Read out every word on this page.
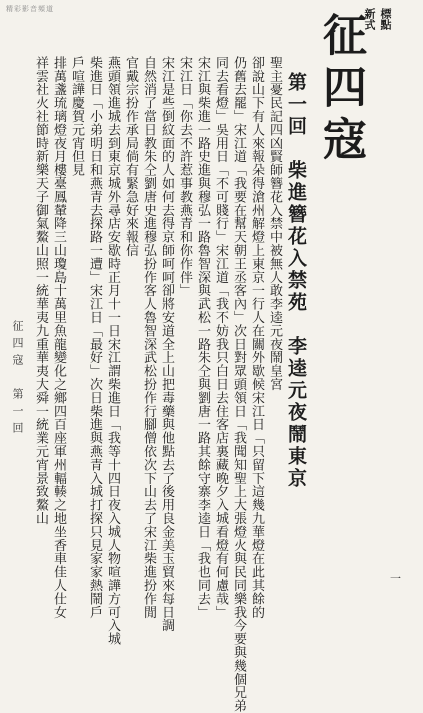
精彩影音頻道	新式 標點
征四寇
第一回　柴進簪花入禁苑　李逵元夜鬧東京
聖主憂民記四凶賢師簪花入禁中被無人敢李逵元夜鬧皇宮
卻說山下有人來報朵得滄州解燈上東京一行人在關外歇候宋江日「只留下這幾九華燈在此其餘的
仍舊去罷」宋江道「我要在幫天朝王丞客內」次日對眾頭領日「我聞知聖上大張燈火與民同樂我今要與幾個兄弟
同去看燈」吳用日「不可賤行」宋江道「我不妨我只白日去住客店裏藏晚夕入城看燈有何慮哉」
宋江與柴進一路史進與穆弘一路魯智深與武松一路朱仝與劉唐一路其餘守寨李逵日「我也同去」
宋江日「你去不許惹事教燕青和你作伴」
宋江是些倒紋面的人如何去得京師呵呵卻將安道全上山把毒藥與他點去了後用良金美玉貿來每日調
自然消了當日教朱仝劉唐史進穆弘扮作客人魯智深武松扮作行腳僧依次下山去了宋江柴進扮作閒
官戴宗扮作承局倘有緊急好來報信
燕頭領進城去到東京城外尋店安歇時正月十一日宋江謂柴進日「我等十四日夜入城人物喧譁方可入城
柴進日「小弟明日和燕青去探路一遭」宋江日「最好」次日柴進與燕青入城打探只見家家熱鬧戶
戶喧譁慶賀元宵但見
排萬盞琉璃燈夜月樓臺鳳輦降三山瓊島十萬里魚龍變化之鄉四百座軍州輻輳之地坐香車佳人仕女
祥雲社火社節時新樂天子御氣鰲山照一統華夷九重華夷大舜一統業元宵景致鰲山
征四寇　第一回
一
